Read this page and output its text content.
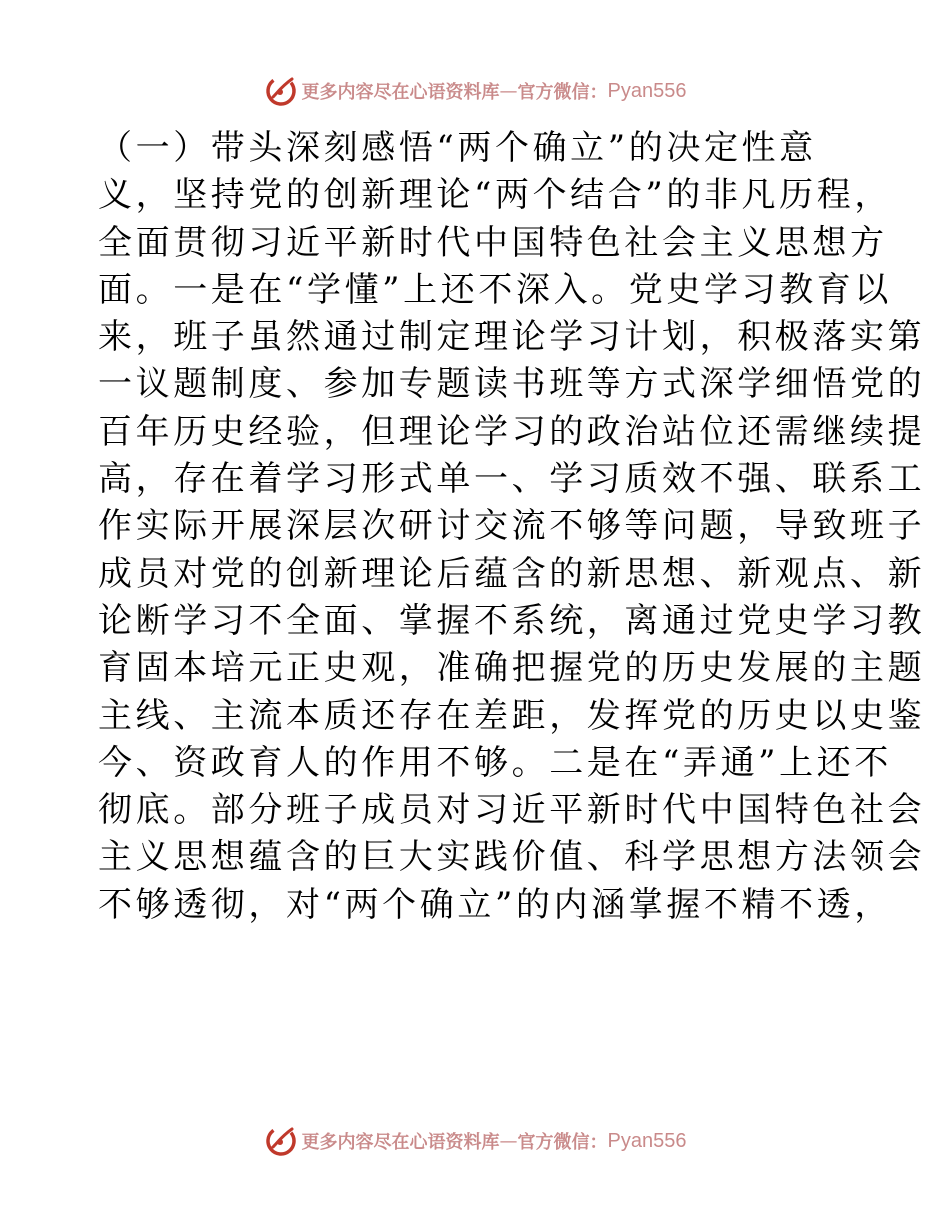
更多内容尽在心语资料库 — 官方微信： Pyan556
（一）带头深刻感悟“两个确立”的决定性意
义，坚持党的创新理论“两个结合”的非凡历程，
全面贯彻习近平新时代中国特色社会主义思想方
面。一是在“学懂”上还不深入。党史学习教育以
来，班子虽然通过制定理论学习计划，积极落实第
一议题制度、参加专题读书班等方式深学细悟党的
百年历史经验，但理论学习的政治站位还需继续提
高，存在着学习形式单一、学习质效不强、联系工
作实际开展深层次研讨交流不够等问题，导致班子
成员对党的创新理论后蕴含的新思想、新观点、新
论断学习不全面、掌握不系统，离通过党史学习教
育固本培元正史观，准确把握党的历史发展的主题
主线、主流本质还存在差距，发挥党的历史以史鉴
今、资政育人的作用不够。二是在“弄通”上还不
彻底。部分班子成员对习近平新时代中国特色社会
主义思想蕴含的巨大实践价值、科学思想方法领会
不够透彻，对“两个确立”的内涵掌握不精不透，
更多内容尽在心语资料库 — 官方微信： Pyan556
